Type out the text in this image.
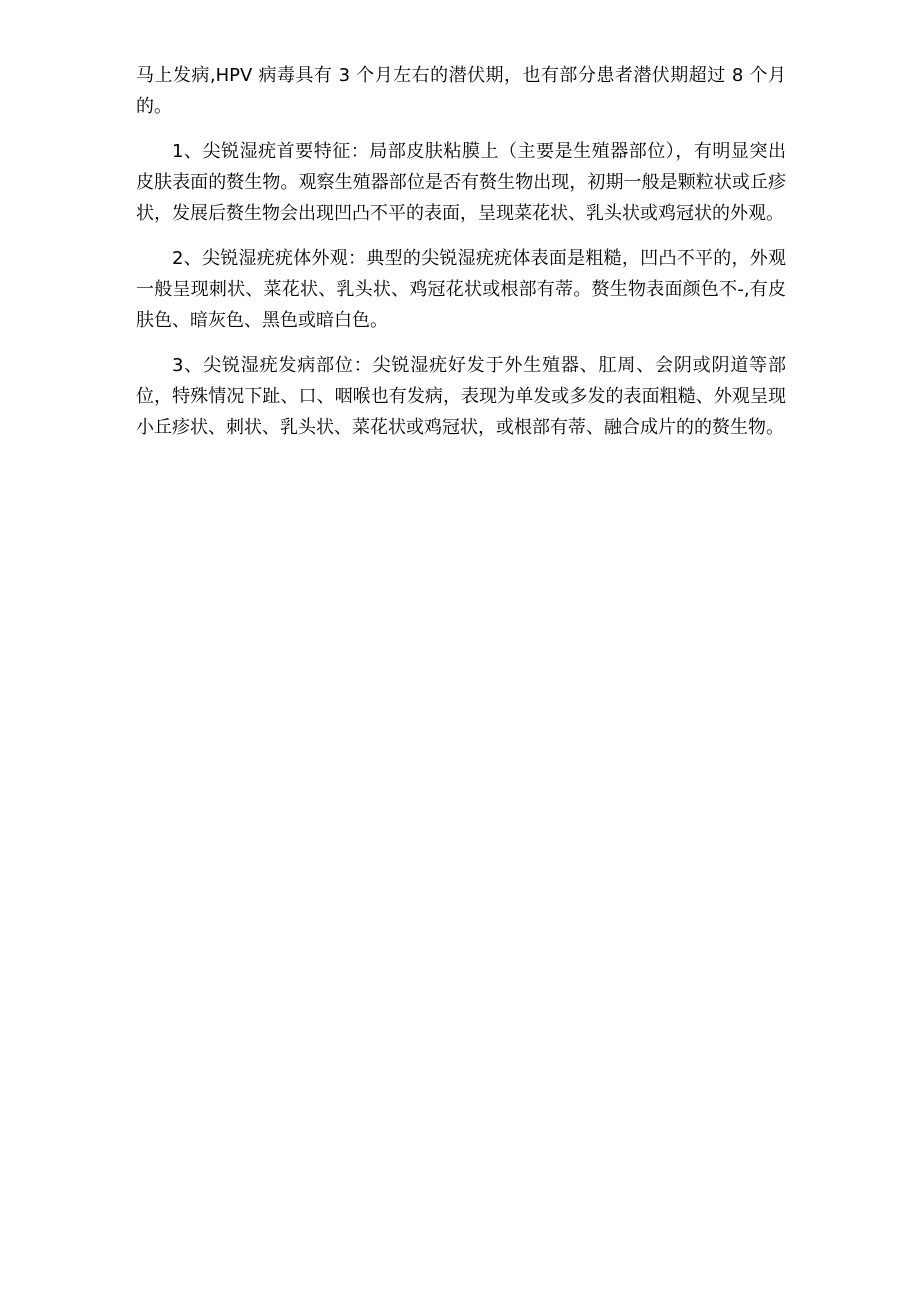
马上发病,HPV 病毒具有 3 个月左右的潜伏期，也有部分患者潜伏期超过 8 个月的。

1、尖锐湿疣首要特征：局部皮肤粘膜上（主要是生殖器部位），有明显突出皮肤表面的赘生物。观察生殖器部位是否有赘生物出现，初期一般是颗粒状或丘疹状，发展后赘生物会出现凹凸不平的表面，呈现菜花状、乳头状或鸡冠状的外观。

2、尖锐湿疣疣体外观：典型的尖锐湿疣疣体表面是粗糙，凹凸不平的，外观一般呈现刺状、菜花状、乳头状、鸡冠花状或根部有蒂。赘生物表面颜色不-,有皮肤色、暗灰色、黑色或暗白色。

3、尖锐湿疣发病部位：尖锐湿疣好发于外生殖器、肛周、会阴或阴道等部位，特殊情况下趾、口、咽喉也有发病，表现为单发或多发的表面粗糙、外观呈现小丘疹状、刺状、乳头状、菜花状或鸡冠状，或根部有蒂、融合成片的的赘生物。
